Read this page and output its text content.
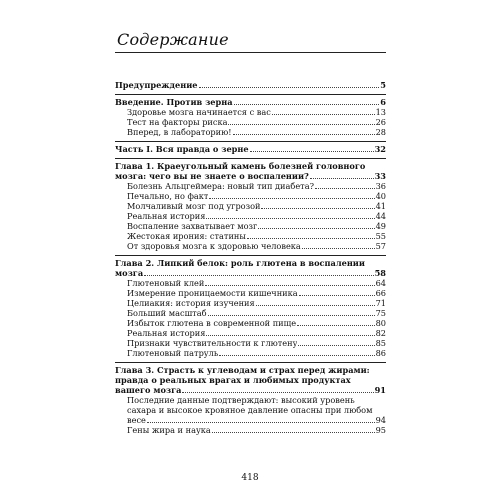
Содержание
Предупреждение	5
Введение. Против зерна	6
Здоровье мозга начинается с вас	13
Тест на факторы риска	26
Вперед, в лабораторию!	28
Часть I. Вся правда о зерне	32
Глава 1. Краеугольный камень болезней головного
мозга: чего вы не знаете о воспалении?	33
Болезнь Альцгеймера: новый тип диабета?	36
Печально, но факт	40
Молчаливый мозг под угрозой	41
Реальная история	44
Воспаление захватывает мозг	49
Жестокая ирония: статины	55
От здоровья мозга к здоровью человека	57
Глава 2. Липкий белок: роль глютена в воспалении
мозга	58
Глютеновый клей	64
Измерение проницаемости кишечника	66
Целиакия: история изучения	71
Больший масштаб	75
Избыток глютена в современной пище	80
Реальная история	82
Признаки чувствительности к глютену	85
Глютеновый патруль	86
Глава 3. Страсть к углеводам и страх перед жирами:
правда о реальных врагах и любимых продуктах
вашего мозга	91
Последние данные подтверждают: высокий уровень
сахара и высокое кровяное давление опасны при любом
весе	94
Гены жира и наука	95
418
